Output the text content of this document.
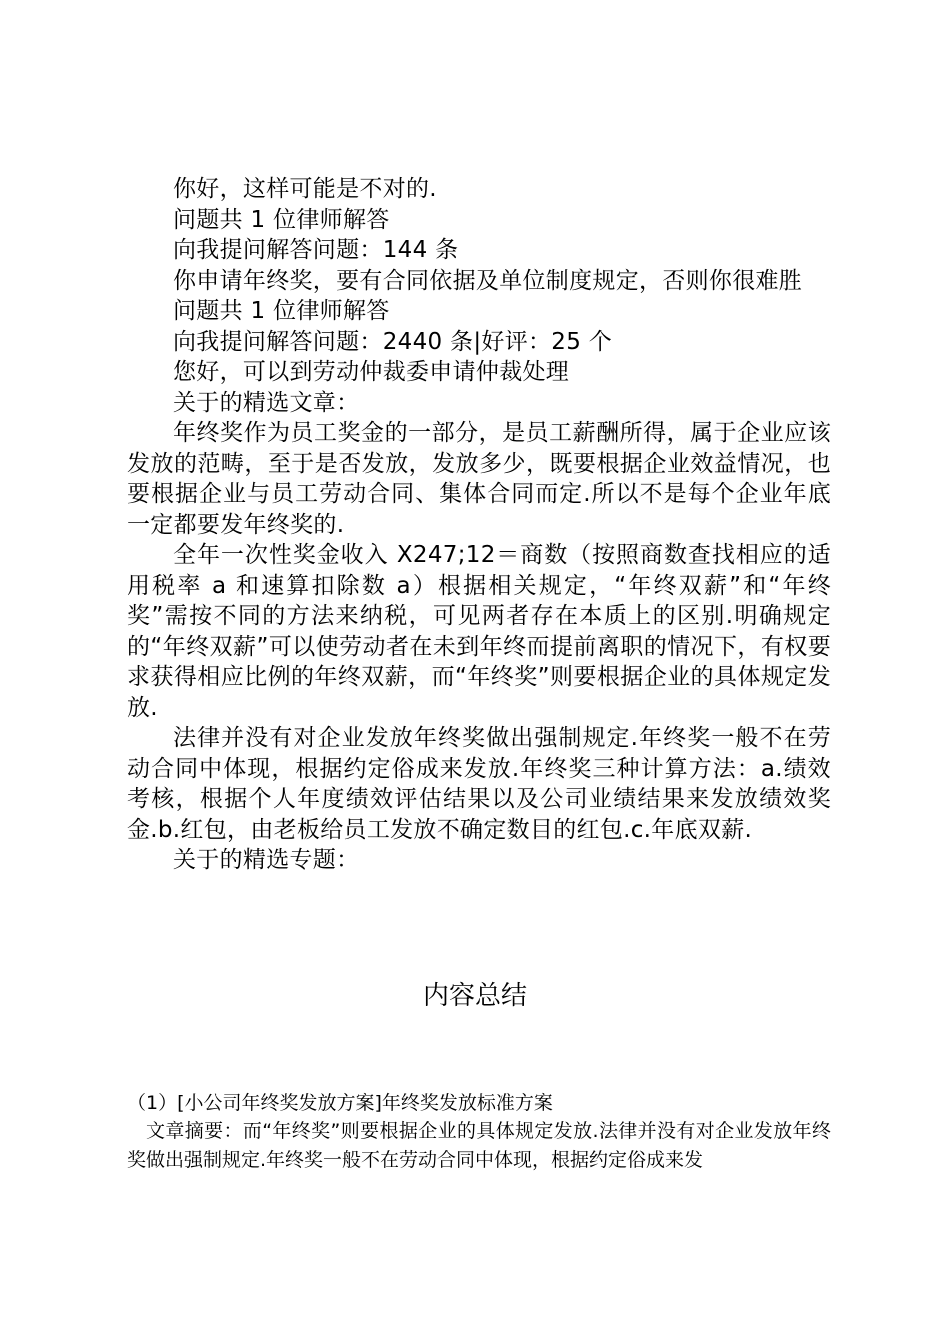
你好，这样可能是不对的.

问题共 1 位律师解答

向我提问解答问题：144 条

你申请年终奖，要有合同依据及单位制度规定，否则你很难胜

问题共 1 位律师解答

向我提问解答问题：2440 条|好评：25 个

您好，可以到劳动仲裁委申请仲裁处理

关于的精选文章：

年终奖作为员工奖金的一部分，是员工薪酬所得，属于企业应该发放的范畴，至于是否发放，发放多少，既要根据企业效益情况，也要根据企业与员工劳动合同、集体合同而定.所以不是每个企业年底一定都要发年终奖的.

全年一次性奖金收入 X247;12＝商数（按照商数查找相应的适用税率 a 和速算扣除数 a）根据相关规定，“年终双薪”和“年终奖”需按不同的方法来纳税，可见两者存在本质上的区别.明确规定的“年终双薪”可以使劳动者在未到年终而提前离职的情况下，有权要求获得相应比例的年终双薪，而“年终奖”则要根据企业的具体规定发放.

法律并没有对企业发放年终奖做出强制规定.年终奖一般不在劳动合同中体现，根据约定俗成来发放.年终奖三种计算方法：a.绩效考核，根据个人年度绩效评估结果以及公司业绩结果来发放绩效奖金.b.红包，由老板给员工发放不确定数目的红包.c.年底双薪.

关于的精选专题：

内容总结

（1）[小公司年终奖发放方案]年终奖发放标准方案

文章摘要：而“年终奖”则要根据企业的具体规定发放.法律并没有对企业发放年终奖做出强制规定.年终奖一般不在劳动合同中体现，根据约定俗成来发
